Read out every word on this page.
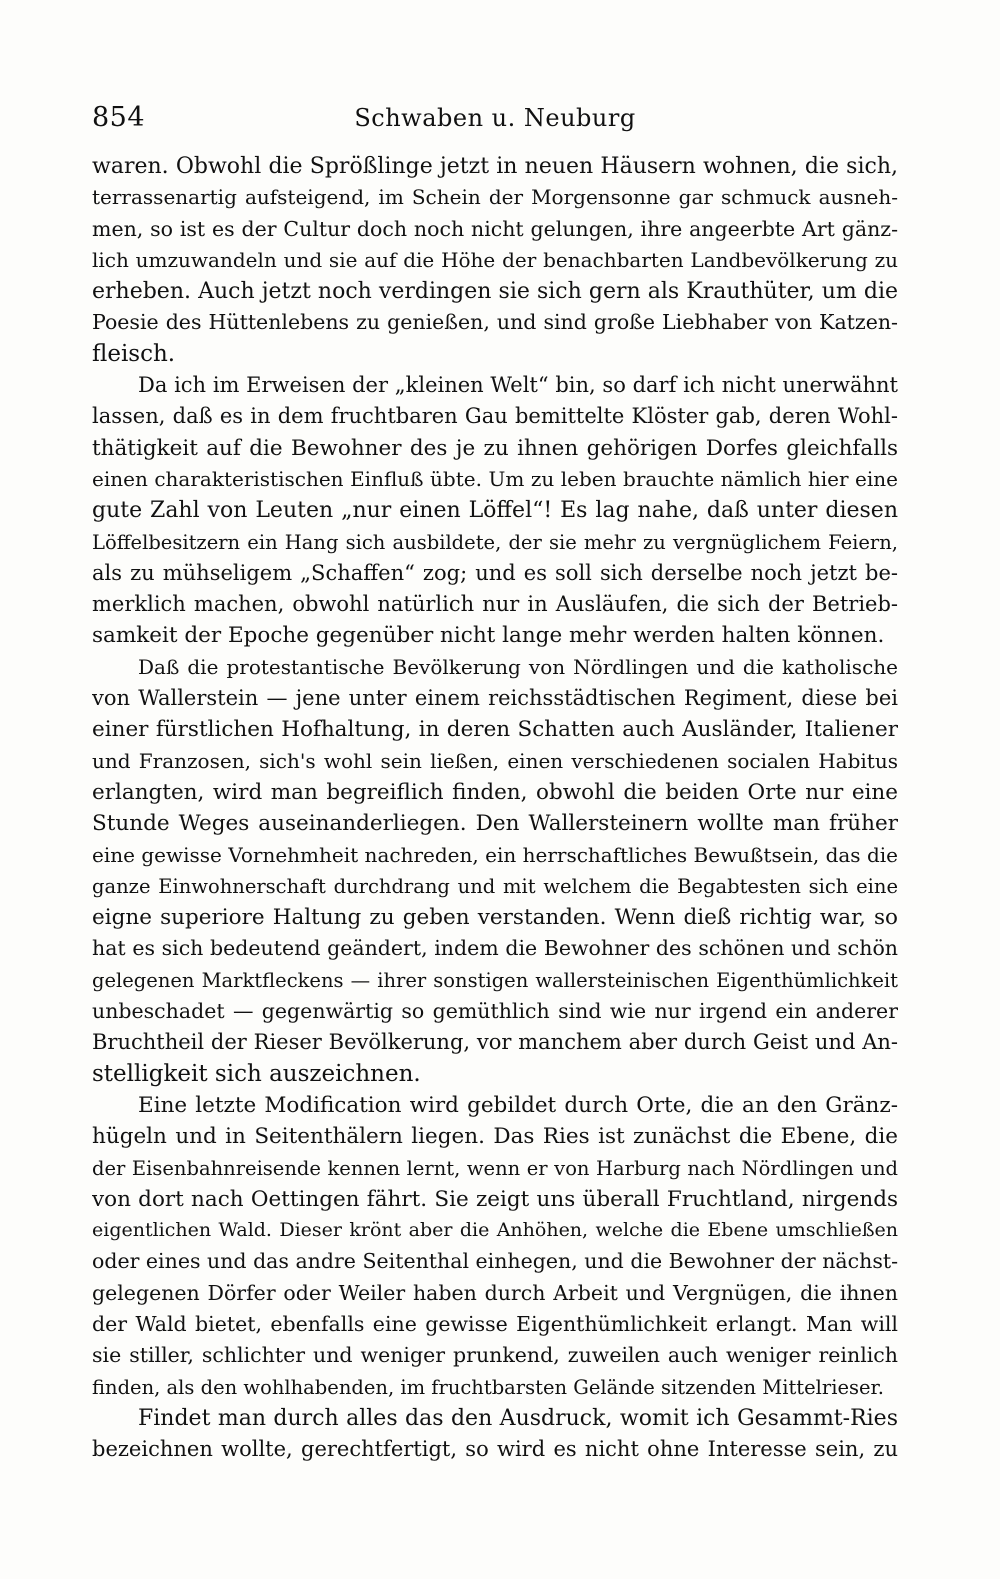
854	Schwaben u. Neuburg
waren. Obwohl die Sprößlinge jetzt in neuen Häusern wohnen, die sich,
terrassenartig aufsteigend, im Schein der Morgensonne gar schmuck ausneh-
men, so ist es der Cultur doch noch nicht gelungen, ihre angeerbte Art gänz-
lich umzuwandeln und sie auf die Höhe der benachbarten Landbevölkerung zu
erheben. Auch jetzt noch verdingen sie sich gern als Krauthüter, um die
Poesie des Hüttenlebens zu genießen, und sind große Liebhaber von Katzen-
fleisch.
Da ich im Erweisen der „kleinen Welt“ bin, so darf ich nicht unerwähnt
lassen, daß es in dem fruchtbaren Gau bemittelte Klöster gab, deren Wohl-
thätigkeit auf die Bewohner des je zu ihnen gehörigen Dorfes gleichfalls
einen charakteristischen Einfluß übte. Um zu leben brauchte nämlich hier eine
gute Zahl von Leuten „nur einen Löffel“! Es lag nahe, daß unter diesen
Löffelbesitzern ein Hang sich ausbildete, der sie mehr zu vergnüglichem Feiern,
als zu mühseligem „Schaffen“ zog; und es soll sich derselbe noch jetzt be-
merklich machen, obwohl natürlich nur in Ausläufen, die sich der Betrieb-
samkeit der Epoche gegenüber nicht lange mehr werden halten können.
Daß die protestantische Bevölkerung von Nördlingen und die katholische
von Wallerstein — jene unter einem reichsstädtischen Regiment, diese bei
einer fürstlichen Hofhaltung, in deren Schatten auch Ausländer, Italiener
und Franzosen, sich's wohl sein ließen, einen verschiedenen socialen Habitus
erlangten, wird man begreiflich finden, obwohl die beiden Orte nur eine
Stunde Weges auseinanderliegen. Den Wallersteinern wollte man früher
eine gewisse Vornehmheit nachreden, ein herrschaftliches Bewußtsein, das die
ganze Einwohnerschaft durchdrang und mit welchem die Begabtesten sich eine
eigne superiore Haltung zu geben verstanden. Wenn dieß richtig war, so
hat es sich bedeutend geändert, indem die Bewohner des schönen und schön
gelegenen Marktfleckens — ihrer sonstigen wallersteinischen Eigenthümlichkeit
unbeschadet — gegenwärtig so gemüthlich sind wie nur irgend ein anderer
Bruchtheil der Rieser Bevölkerung, vor manchem aber durch Geist und An-
stelligkeit sich auszeichnen.
Eine letzte Modification wird gebildet durch Orte, die an den Gränz-
hügeln und in Seitenthälern liegen. Das Ries ist zunächst die Ebene, die
der Eisenbahnreisende kennen lernt, wenn er von Harburg nach Nördlingen und
von dort nach Oettingen fährt. Sie zeigt uns überall Fruchtland, nirgends
eigentlichen Wald. Dieser krönt aber die Anhöhen, welche die Ebene umschließen
oder eines und das andre Seitenthal einhegen, und die Bewohner der nächst-
gelegenen Dörfer oder Weiler haben durch Arbeit und Vergnügen, die ihnen
der Wald bietet, ebenfalls eine gewisse Eigenthümlichkeit erlangt. Man will
sie stiller, schlichter und weniger prunkend, zuweilen auch weniger reinlich
finden, als den wohlhabenden, im fruchtbarsten Gelände sitzenden Mittelrieser.
Findet man durch alles das den Ausdruck, womit ich Gesammt-Ries
bezeichnen wollte, gerechtfertigt, so wird es nicht ohne Interesse sein, zu
